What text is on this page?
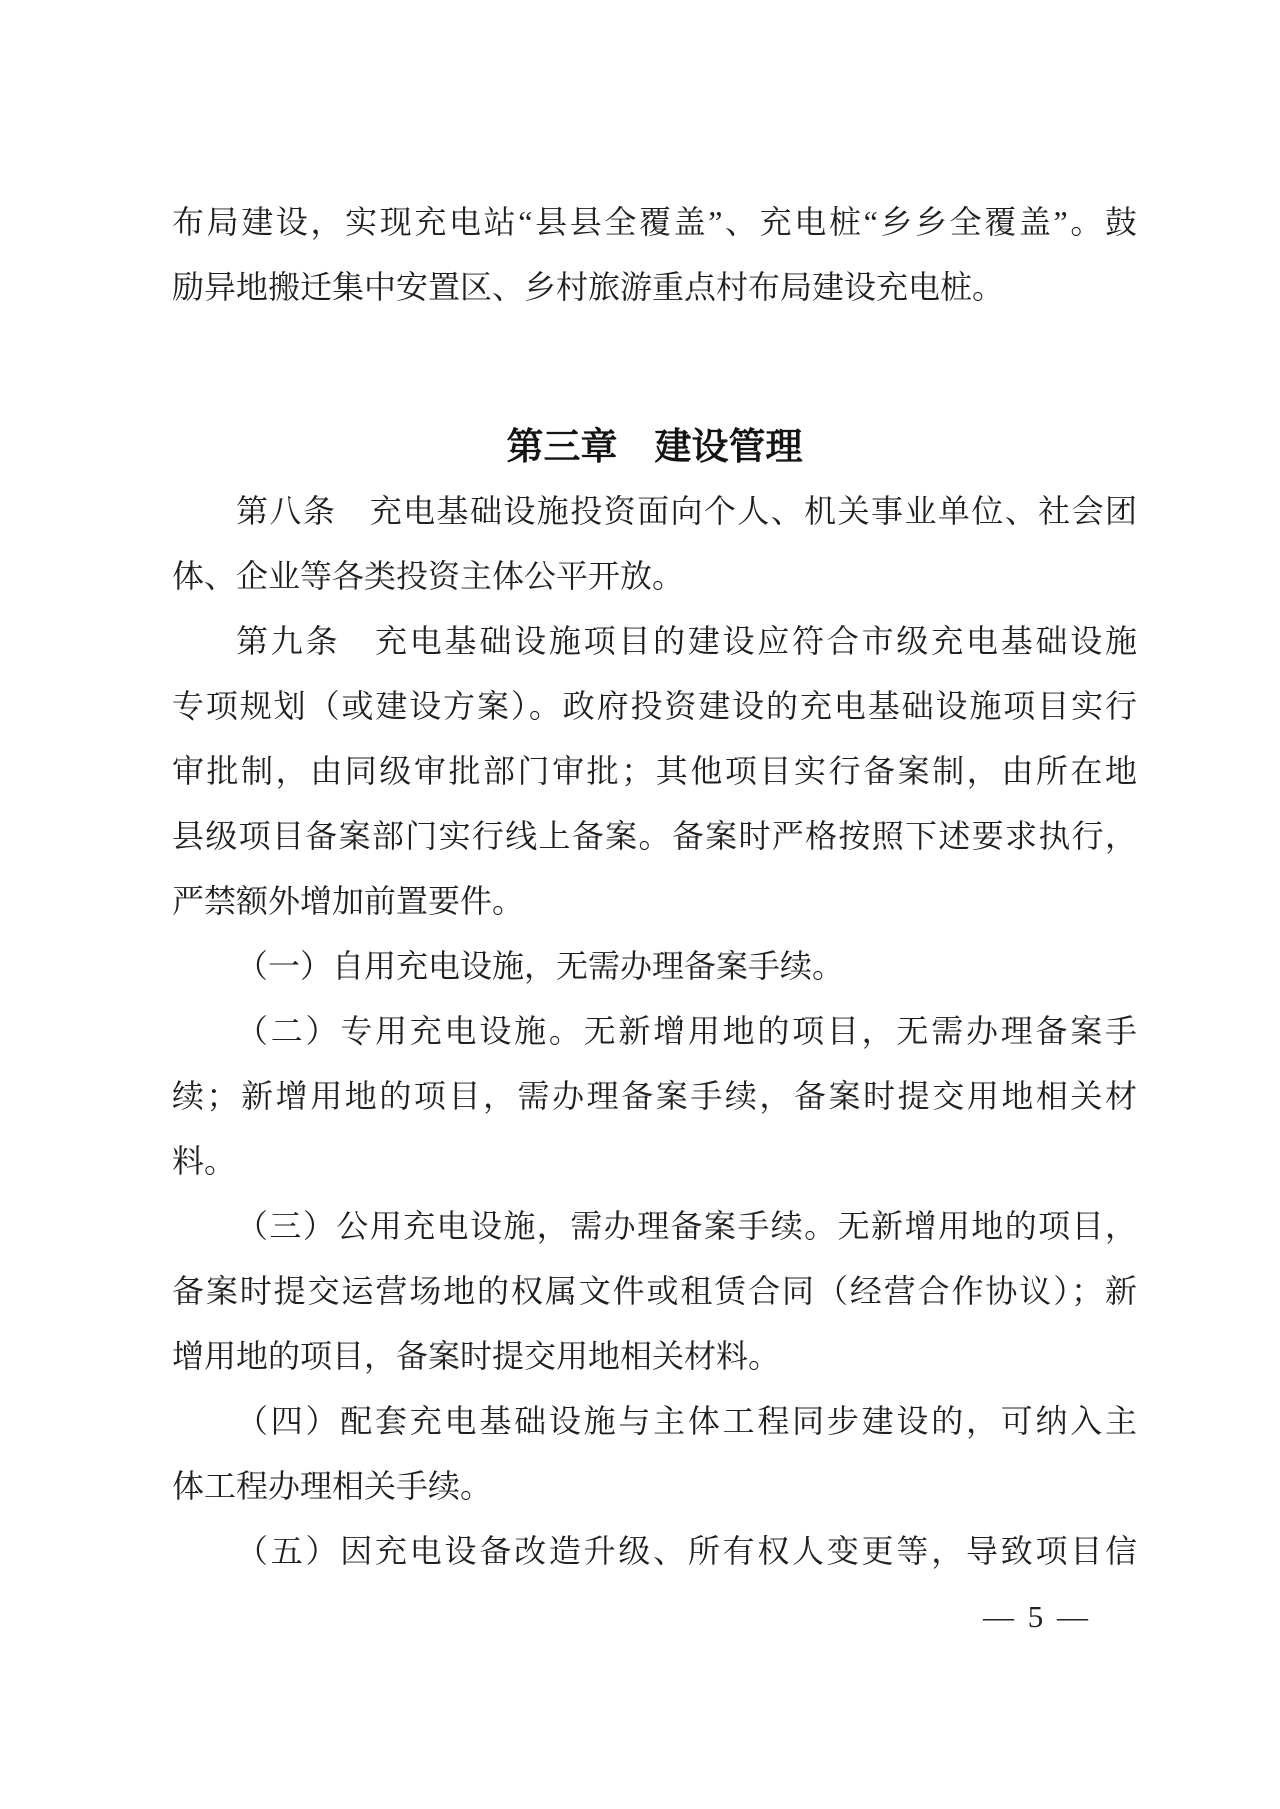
布局建设，实现充电站“县县全覆盖”、充电桩“乡乡全覆盖”。鼓
励异地搬迁集中安置区、乡村旅游重点村布局建设充电桩。
第三章　建设管理
第八条　充电基础设施投资面向个人、机关事业单位、社会团
体、企业等各类投资主体公平开放。
第九条　充电基础设施项目的建设应符合市级充电基础设施
专项规划（或建设方案）。政府投资建设的充电基础设施项目实行
审批制，由同级审批部门审批；其他项目实行备案制，由所在地
县级项目备案部门实行线上备案。备案时严格按照下述要求执行，
严禁额外增加前置要件。
（一）自用充电设施，无需办理备案手续。
（二）专用充电设施。无新增用地的项目，无需办理备案手
续；新增用地的项目，需办理备案手续，备案时提交用地相关材
料。
（三）公用充电设施，需办理备案手续。无新增用地的项目，
备案时提交运营场地的权属文件或租赁合同（经营合作协议）；新
增用地的项目，备案时提交用地相关材料。
（四）配套充电基础设施与主体工程同步建设的，可纳入主
体工程办理相关手续。
（五）因充电设备改造升级、所有权人变更等，导致项目信
— 5 —
